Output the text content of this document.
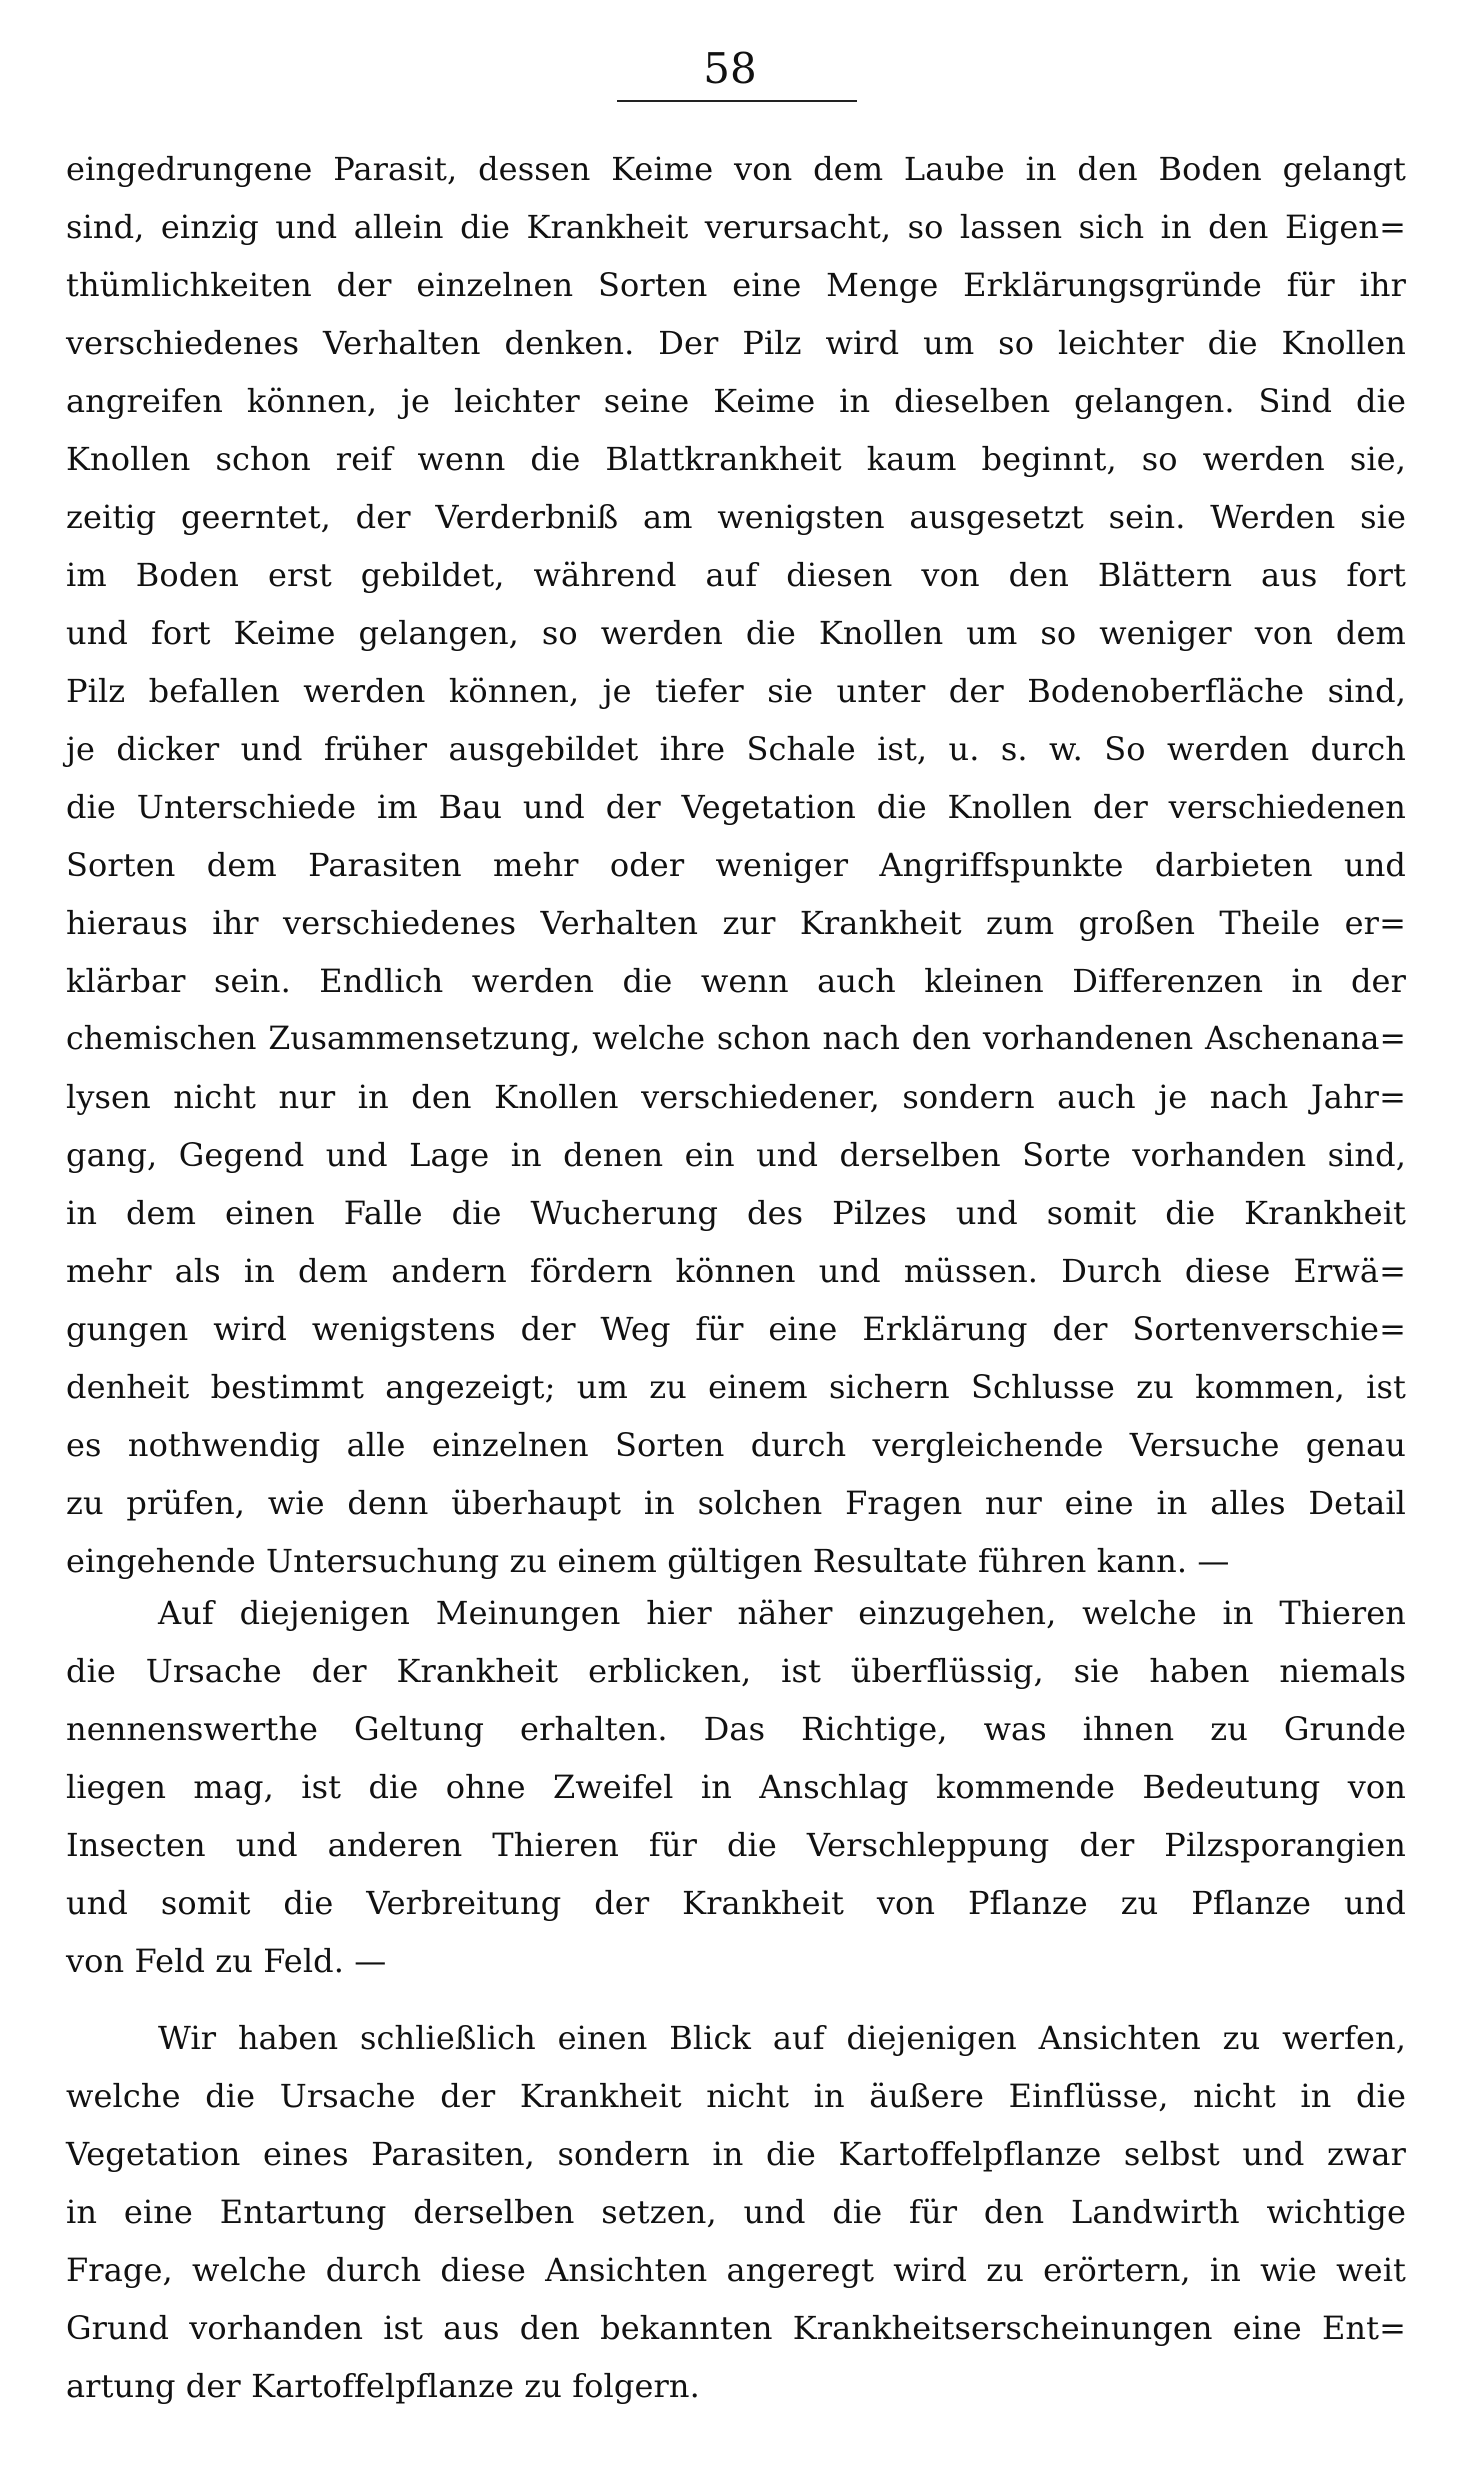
58
eingedrungene Parasit, dessen Keime von dem Laube in den Boden gelangt
sind, einzig und allein die Krankheit verursacht, so lassen sich in den Eigen=
thümlichkeiten der einzelnen Sorten eine Menge Erklärungsgründe für ihr
verschiedenes Verhalten denken. Der Pilz wird um so leichter die Knollen
angreifen können, je leichter seine Keime in dieselben gelangen. Sind die
Knollen schon reif wenn die Blattkrankheit kaum beginnt, so werden sie,
zeitig geerntet, der Verderbniß am wenigsten ausgesetzt sein. Werden sie
im Boden erst gebildet, während auf diesen von den Blättern aus fort
und fort Keime gelangen, so werden die Knollen um so weniger von dem
Pilz befallen werden können, je tiefer sie unter der Bodenoberfläche sind,
je dicker und früher ausgebildet ihre Schale ist, u. s. w. So werden durch
die Unterschiede im Bau und der Vegetation die Knollen der verschiedenen
Sorten dem Parasiten mehr oder weniger Angriffspunkte darbieten und
hieraus ihr verschiedenes Verhalten zur Krankheit zum großen Theile er=
klärbar sein. Endlich werden die wenn auch kleinen Differenzen in der
chemischen Zusammensetzung, welche schon nach den vorhandenen Aschenana=
lysen nicht nur in den Knollen verschiedener, sondern auch je nach Jahr=
gang, Gegend und Lage in denen ein und derselben Sorte vorhanden sind,
in dem einen Falle die Wucherung des Pilzes und somit die Krankheit
mehr als in dem andern fördern können und müssen. Durch diese Erwä=
gungen wird wenigstens der Weg für eine Erklärung der Sortenverschie=
denheit bestimmt angezeigt; um zu einem sichern Schlusse zu kommen, ist
es nothwendig alle einzelnen Sorten durch vergleichende Versuche genau
zu prüfen, wie denn überhaupt in solchen Fragen nur eine in alles Detail
eingehende Untersuchung zu einem gültigen Resultate führen kann. —
Auf diejenigen Meinungen hier näher einzugehen, welche in Thieren
die Ursache der Krankheit erblicken, ist überflüssig, sie haben niemals
nennenswerthe Geltung erhalten. Das Richtige, was ihnen zu Grunde
liegen mag, ist die ohne Zweifel in Anschlag kommende Bedeutung von
Insecten und anderen Thieren für die Verschleppung der Pilzsporangien
und somit die Verbreitung der Krankheit von Pflanze zu Pflanze und
von Feld zu Feld. —
Wir haben schließlich einen Blick auf diejenigen Ansichten zu werfen,
welche die Ursache der Krankheit nicht in äußere Einflüsse, nicht in die
Vegetation eines Parasiten, sondern in die Kartoffelpflanze selbst und zwar
in eine Entartung derselben setzen, und die für den Landwirth wichtige
Frage, welche durch diese Ansichten angeregt wird zu erörtern, in wie weit
Grund vorhanden ist aus den bekannten Krankheitserscheinungen eine Ent=
artung der Kartoffelpflanze zu folgern.
